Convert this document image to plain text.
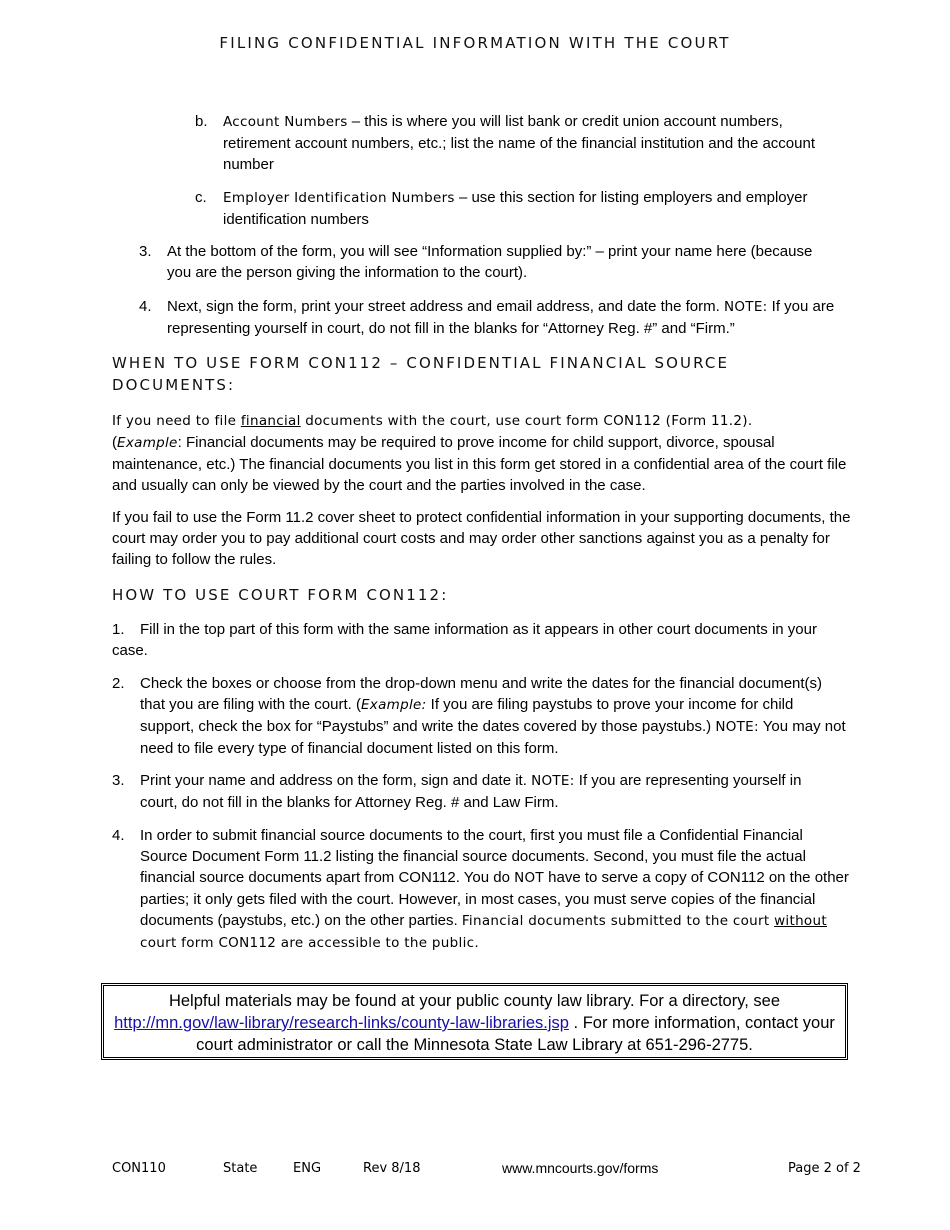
FILING CONFIDENTIAL INFORMATION WITH THE COURT
b. Account Numbers – this is where you will list bank or credit union account numbers, retirement account numbers, etc.; list the name of the financial institution and the account number

c. Employer Identification Numbers – use this section for listing employers and employer identification numbers

3. At the bottom of the form, you will see “Information supplied by:” – print your name here (because you are the person giving the information to the court).

4. Next, sign the form, print your street address and email address, and date the form. NOTE: If you are representing yourself in court, do not fill in the blanks for “Attorney Reg. #” and “Firm.”

WHEN TO USE FORM CON112 – CONFIDENTIAL FINANCIAL SOURCE DOCUMENTS:

If you need to file financial documents with the court, use court form CON112 (Form 11.2).
(Example: Financial documents may be required to prove income for child support, divorce, spousal maintenance, etc.) The financial documents you list in this form get stored in a confidential area of the court file and usually can only be viewed by the court and the parties involved in the case.

If you fail to use the Form 11.2 cover sheet to protect confidential information in your supporting documents, the court may order you to pay additional court costs and may order other sanctions against you as a penalty for failing to follow the rules.

HOW TO USE COURT FORM CON112:

1. Fill in the top part of this form with the same information as it appears in other court documents in your case.

2. Check the boxes or choose from the drop-down menu and write the dates for the financial document(s) that you are filing with the court. (Example: If you are filing paystubs to prove your income for child support, check the box for “Paystubs” and write the dates covered by those paystubs.) NOTE: You may not need to file every type of financial document listed on this form.

3. Print your name and address on the form, sign and date it. NOTE: If you are representing yourself in court, do not fill in the blanks for Attorney Reg. # and Law Firm.

4. In order to submit financial source documents to the court, first you must file a Confidential Financial Source Document Form 11.2 listing the financial source documents. Second, you must file the actual financial source documents apart from CON112. You do NOT have to serve a copy of CON112 on the other parties; it only gets filed with the court. However, in most cases, you must serve copies of the financial documents (paystubs, etc.) on the other parties. Financial documents submitted to the court without court form CON112 are accessible to the public.

Helpful materials may be found at your public county law library. For a directory, see http://mn.gov/law-library/research-links/county-law-libraries.jsp . For more information, contact your court administrator or call the Minnesota State Law Library at 651-296-2775.
CON110	State	ENG	Rev 8/18	www.mncourts.gov/forms	Page 2 of 2
